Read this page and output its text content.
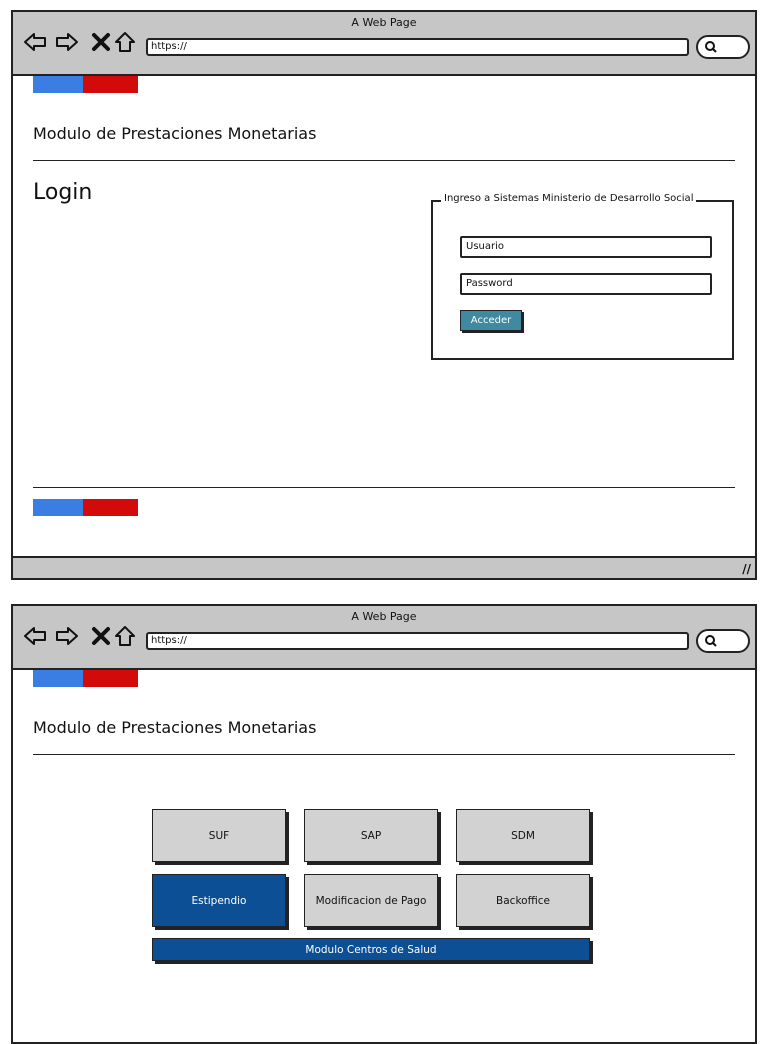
A Web Page
https://
Modulo de Prestaciones Monetarias
Login	Ingreso a Sistemas Ministerio de Desarrollo Social
Usuario
Password
Acceder
//
A Web Page
https://
Modulo de Prestaciones Monetarias
SUF	SAP	SDM
Estipendio	Modificacion de Pago	Backoffice
Modulo Centros de Salud
